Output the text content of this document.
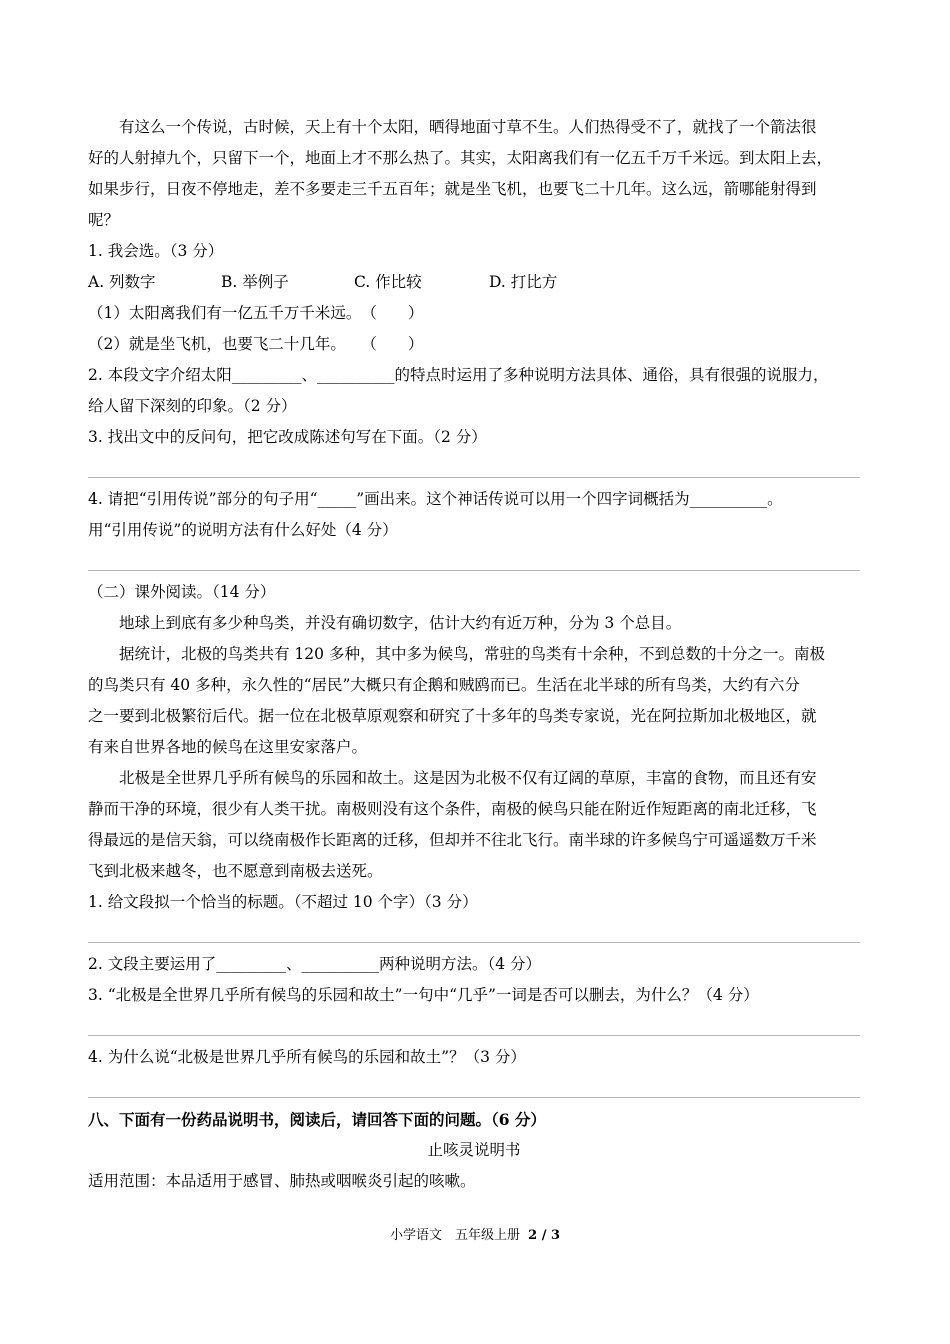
有这么一个传说，古时候，天上有十个太阳，晒得地面寸草不生。人们热得受不了，就找了一个箭法很
好的人射掉九个，只留下一个，地面上才不那么热了。其实，太阳离我们有一亿五千万千米远。到太阳上去，
如果步行，日夜不停地走，差不多要走三千五百年；就是坐飞机，也要飞二十几年。这么远，箭哪能射得到
呢？
1. 我会选。（3 分）
A. 列数字	B. 举例子	C. 作比较	D. 打比方
（1）太阳离我们有一亿五千万千米远。　（　　）
（2）就是坐飞机，也要飞二十几年。　　（　　）
2. 本段文字介绍太阳_________、__________的特点时运用了多种说明方法具体、通俗，具有很强的说服力，
给人留下深刻的印象。（2 分）
3. 找出文中的反问句，把它改成陈述句写在下面。（2 分）
4. 请把“引用传说”部分的句子用“_____”画出来。这个神话传说可以用一个四字词概括为__________。
用“引用传说”的说明方法有什么好处（4 分）
（二）课外阅读。（14 分）
地球上到底有多少种鸟类，并没有确切数字，估计大约有近万种，分为 3 个总目。
据统计，北极的鸟类共有 120 多种，其中多为候鸟，常驻的鸟类有十余种，不到总数的十分之一。南极
的鸟类只有 40 多种，永久性的“居民”大概只有企鹅和贼鸥而已。生活在北半球的所有鸟类，大约有六分
之一要到北极繁衍后代。据一位在北极草原观察和研究了十多年的鸟类专家说，光在阿拉斯加北极地区，就
有来自世界各地的候鸟在这里安家落户。
北极是全世界几乎所有候鸟的乐园和故土。这是因为北极不仅有辽阔的草原，丰富的食物，而且还有安
静而干净的环境，很少有人类干扰。南极则没有这个条件，南极的候鸟只能在附近作短距离的南北迁移，飞
得最远的是信天翁，可以绕南极作长距离的迁移，但却并不往北飞行。南半球的许多候鸟宁可遥遥数万千米
飞到北极来越冬，也不愿意到南极去送死。
1. 给文段拟一个恰当的标题。（不超过 10 个字）（3 分）
2. 文段主要运用了_________、__________两种说明方法。（4 分）
3. “北极是全世界几乎所有候鸟的乐园和故土”一句中“几乎”一词是否可以删去，为什么？（4 分）
4. 为什么说“北极是世界几乎所有候鸟的乐园和故土”？（3 分）
八、下面有一份药品说明书，阅读后，请回答下面的问题。（6 分）
止咳灵说明书
适用范围：本品适用于感冒、肺热或咽喉炎引起的咳嗽。
小学语文　五年级上册 2 / 3
